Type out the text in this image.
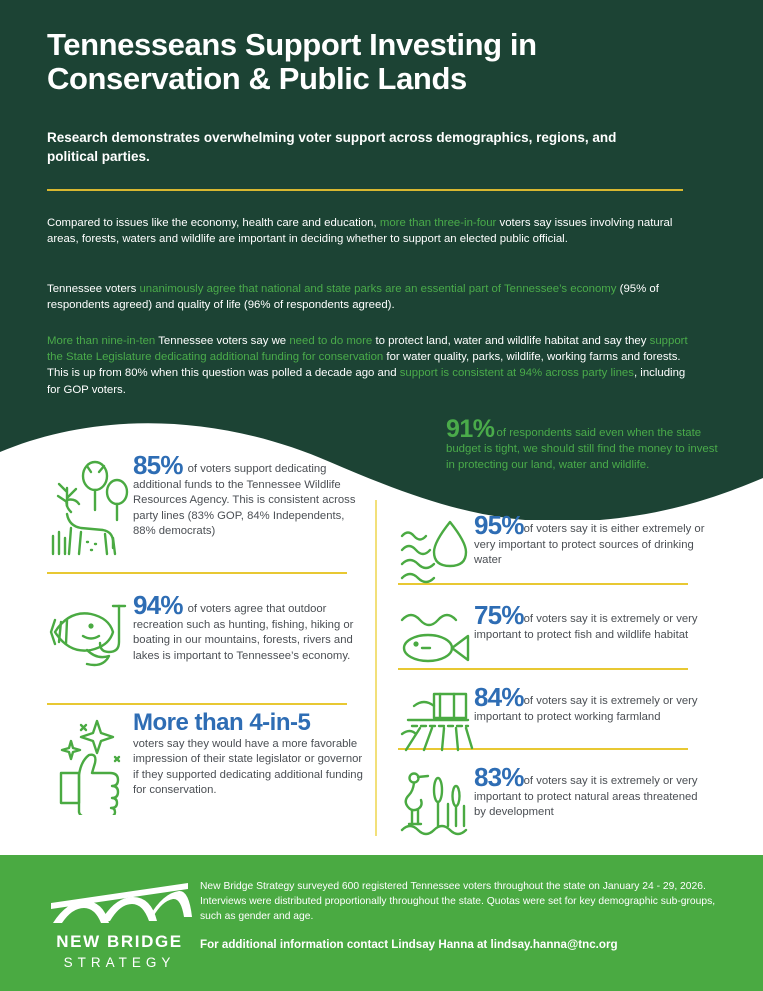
Tennesseans Support Investing in Conservation & Public Lands

Research demonstrates overwhelming voter support across demographics, regions, and political parties.

Compared to issues like the economy, health care and education, more than three-in-four voters say issues involving natural areas, forests, waters and wildlife are important in deciding whether to support an elected public official.

Tennessee voters unanimously agree that national and state parks are an essential part of Tennessee’s economy (95% of respondents agreed) and quality of life (96% of respondents agreed).

More than nine-in-ten Tennessee voters say we need to do more to protect land, water and wildlife habitat and say they support the State Legislature dedicating additional funding for conservation for water quality, parks, wildlife, working farms and forests. This is up from 80% when this question was polled a decade ago and support is consistent at 94% across party lines, including for GOP voters.

91% of respondents said even when the state budget is tight, we should still find the money to invest in protecting our land, water and wildlife.
85% of voters support dedicating additional funds to the Tennessee Wildlife Resources Agency. This is consistent across party lines (83% GOP, 84% Independents, 88% democrats)
94% of voters agree that outdoor recreation such as hunting, fishing, hiking or boating in our mountains, forests, rivers and lakes is important to Tennessee’s economy.
More than 4-in-5
voters say they would have a more favorable impression of their state legislator or governor if they supported dedicating additional funding for conservation.
95%of voters say it is either extremely or very important to protect sources of drinking water
75%of voters say it is extremely or very important to protect fish and wildlife habitat
84%of voters say it is extremely or very important to protect working farmland
83%of voters say it is extremely or very important to protect natural areas threatened by development
NEW BRIDGE
STRATEGY

New Bridge Strategy surveyed 600 registered Tennessee voters throughout the state on January 24 - 29, 2026. Interviews were distributed proportionally throughout the state. Quotas were set for key demographic sub-groups, such as gender and age.

For additional information contact Lindsay Hanna at lindsay.hanna@tnc.org
